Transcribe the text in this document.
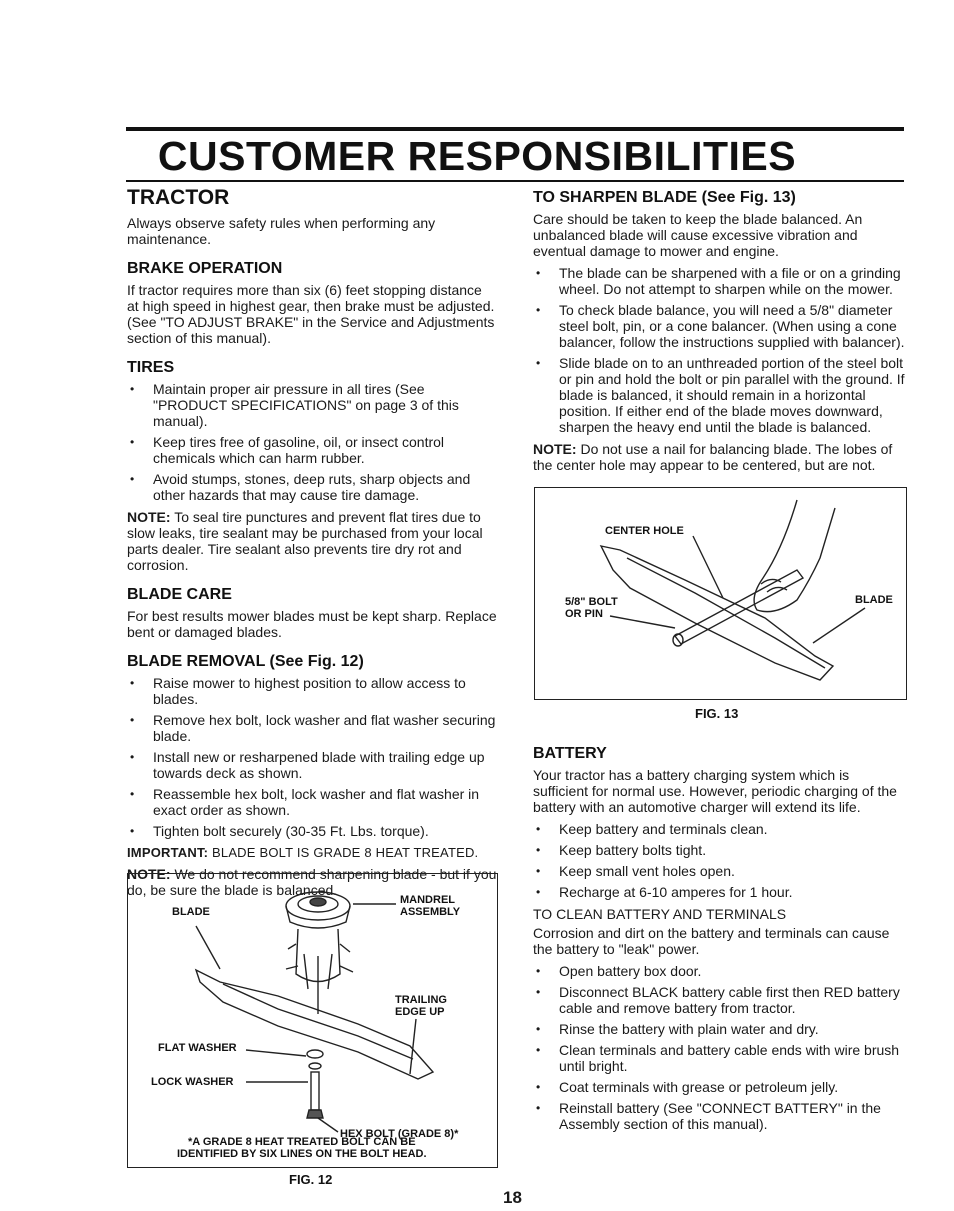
CUSTOMER RESPONSIBILITIES
TRACTOR

Always observe safety rules when performing any maintenance.

BRAKE OPERATION

If tractor requires more than six (6) feet stopping distance at high speed in highest gear, then brake must be adjusted. (See "TO ADJUST BRAKE" in the Service and Adjustments section of this manual).

TIRES
• Maintain proper air pressure in all tires (See "PRODUCT SPECIFICATIONS" on page 3 of this manual).
• Keep tires free of gasoline, oil, or insect control chemicals which can harm rubber.
• Avoid stumps, stones, deep ruts, sharp objects and other hazards that may cause tire damage.

NOTE: To seal tire punctures and prevent flat tires due to slow leaks, tire sealant may be purchased from your local parts dealer. Tire sealant also prevents tire dry rot and corrosion.

BLADE CARE

For best results mower blades must be kept sharp. Replace bent or damaged blades.

BLADE REMOVAL (See Fig. 12)
• Raise mower to highest position to allow access to blades.
• Remove hex bolt, lock washer and flat washer securing blade.
• Install new or resharpened blade with trailing edge up towards deck as shown.
• Reassemble hex bolt, lock washer and flat washer in exact order as shown.
• Tighten bolt securely (30-35 Ft. Lbs. torque).

IMPORTANT: BLADE BOLT IS GRADE 8 HEAT TREATED.

NOTE: We do not recommend sharpening blade - but if you do, be sure the blade is balanced.

BLADE
MANDREL
ASSEMBLY
TRAILING
EDGE UP
FLAT WASHER
LOCK WASHER
HEX BOLT (GRADE 8)*
*A GRADE 8 HEAT TREATED BOLT CAN BE
IDENTIFIED BY SIX LINES ON THE BOLT HEAD.
FIG. 12
TO SHARPEN BLADE (See Fig. 13)

Care should be taken to keep the blade balanced. An unbalanced blade will cause excessive vibration and eventual damage to mower and engine.

• The blade can be sharpened with a file or on a grinding wheel. Do not attempt to sharpen while on the mower.
• To check blade balance, you will need a 5/8" diameter steel bolt, pin, or a cone balancer. (When using a cone balancer, follow the instructions supplied with balancer).
• Slide blade on to an unthreaded portion of the steel bolt or pin and hold the bolt or pin parallel with the ground. If blade is balanced, it should remain in a horizontal position. If either end of the blade moves downward, sharpen the heavy end until the blade is balanced.

NOTE: Do not use a nail for balancing blade. The lobes of the center hole may appear to be centered, but are not.

CENTER HOLE
5/8" BOLT
OR PIN
BLADE
FIG. 13
BATTERY

Your tractor has a battery charging system which is sufficient for normal use. However, periodic charging of the battery with an automotive charger will extend its life.

• Keep battery and terminals clean.
• Keep battery bolts tight.
• Keep small vent holes open.
• Recharge at 6-10 amperes for 1 hour.

TO CLEAN BATTERY AND TERMINALS

Corrosion and dirt on the battery and terminals can cause the battery to "leak" power.

• Open battery box door.
• Disconnect BLACK battery cable first then RED battery cable and remove battery from tractor.
• Rinse the battery with plain water and dry.
• Clean terminals and battery cable ends with wire brush until bright.
• Coat terminals with grease or petroleum jelly.
• Reinstall battery (See "CONNECT BATTERY" in the Assembly section of this manual).
18
